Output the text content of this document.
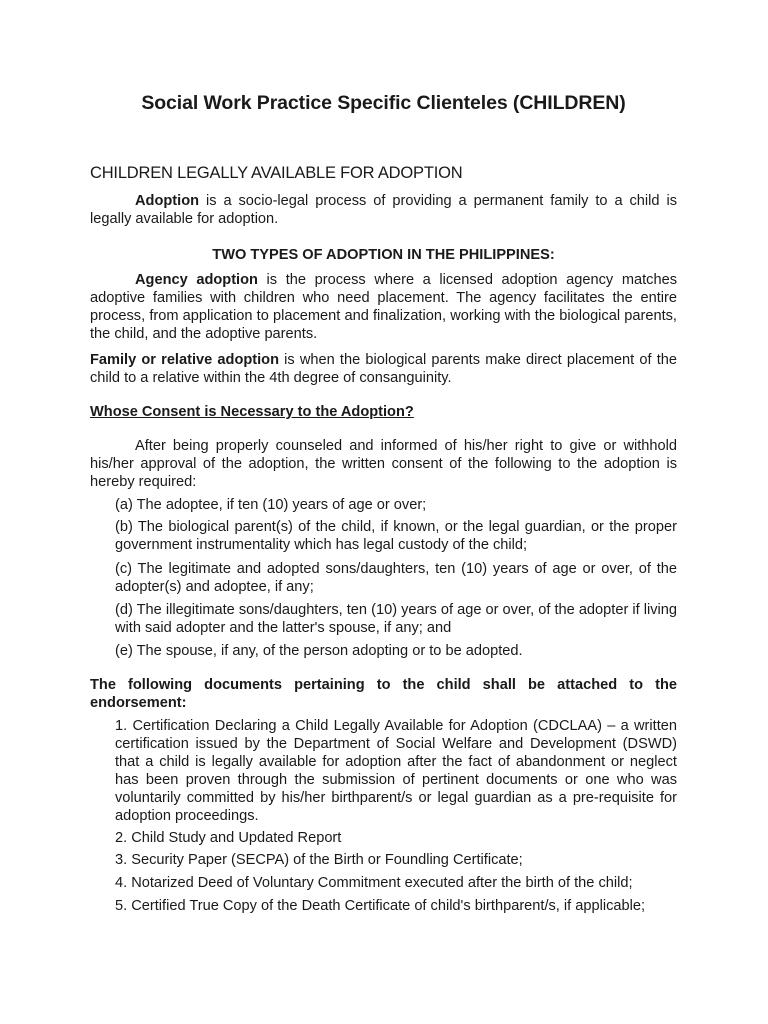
Social Work Practice Specific Clienteles (CHILDREN)
CHILDREN LEGALLY AVAILABLE FOR ADOPTION

Adoption is a socio-legal process of providing a permanent family to a child is legally available for adoption.

TWO TYPES OF ADOPTION IN THE PHILIPPINES:

Agency adoption is the process where a licensed adoption agency matches adoptive families with children who need placement. The agency facilitates the entire process, from application to placement and finalization, working with the biological parents, the child, and the adoptive parents.

Family or relative adoption is when the biological parents make direct placement of the child to a relative within the 4th degree of consanguinity.

Whose Consent is Necessary to the Adoption?

After being properly counseled and informed of his/her right to give or withhold his/her approval of the adoption, the written consent of the following to the adoption is hereby required:

(a) The adoptee, if ten (10) years of age or over;

(b) The biological parent(s) of the child, if known, or the legal guardian, or the proper government instrumentality which has legal custody of the child;

(c) The legitimate and adopted sons/daughters, ten (10) years of age or over, of the adopter(s) and adoptee, if any;

(d) The illegitimate sons/daughters, ten (10) years of age or over, of the adopter if living with said adopter and the latter's spouse, if any; and

(e) The spouse, if any, of the person adopting or to be adopted.

The following documents pertaining to the child shall be attached to the endorsement:

1. Certification Declaring a Child Legally Available for Adoption (CDCLAA) – a written certification issued by the Department of Social Welfare and Development (DSWD) that a child is legally available for adoption after the fact of abandonment or neglect has been proven through the submission of pertinent documents or one who was voluntarily committed by his/her birthparent/s or legal guardian as a pre-requisite for adoption proceedings.

2. Child Study and Updated Report

3. Security Paper (SECPA) of the Birth or Foundling Certificate;

4. Notarized Deed of Voluntary Commitment executed after the birth of the child;

5. Certified True Copy of the Death Certificate of child's birthparent/s, if applicable;
